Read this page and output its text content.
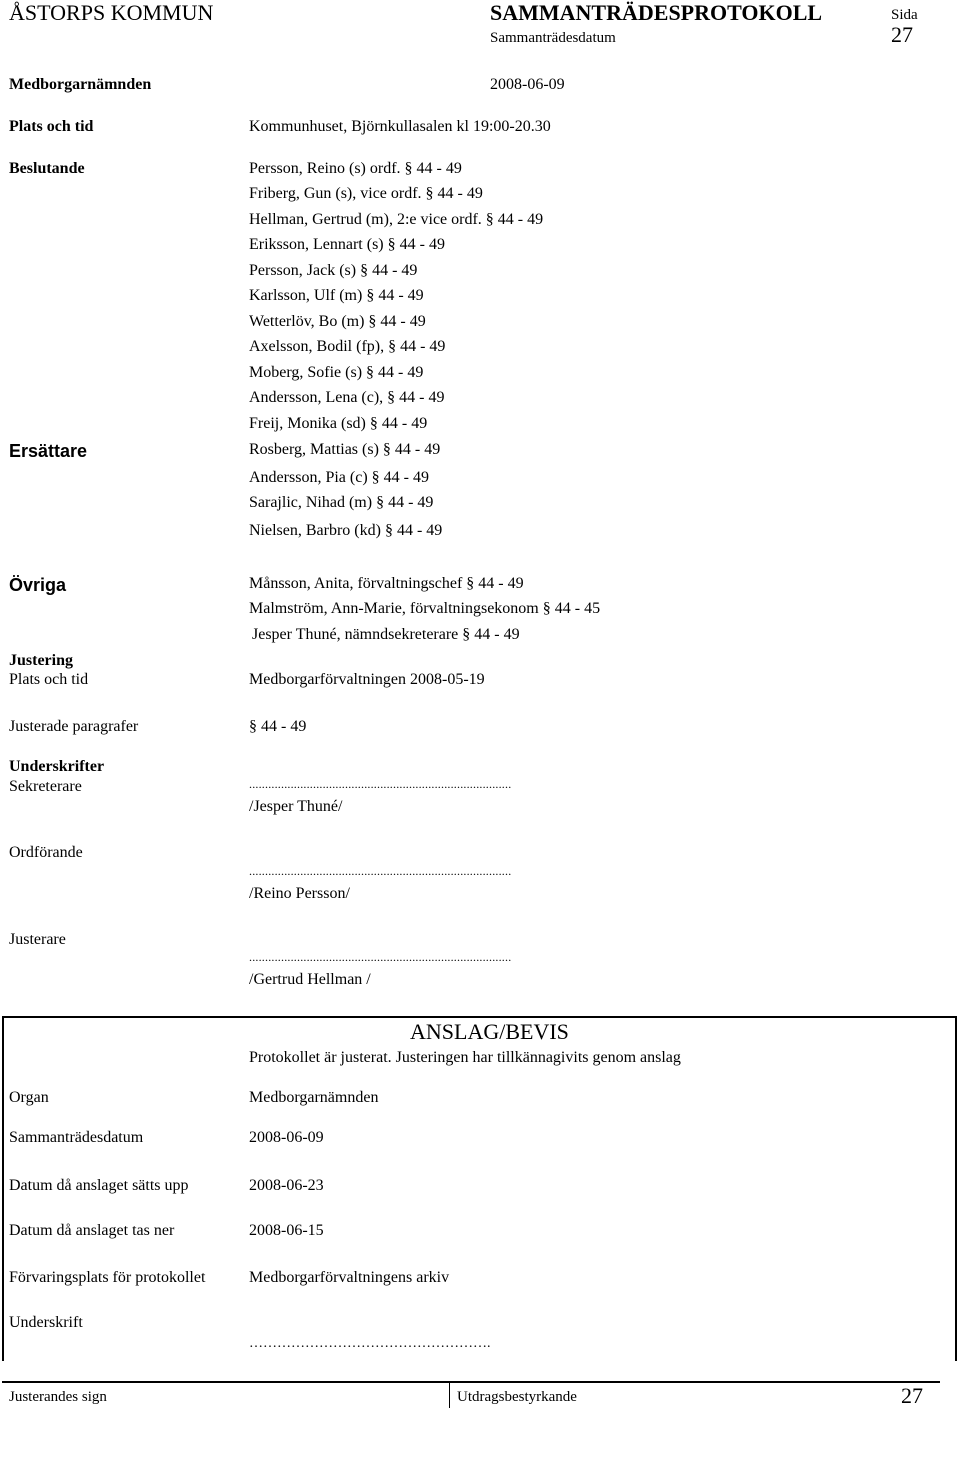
ÅSTORPS KOMMUN	SAMMANTRÄDESPROTOKOLL
Sammanträdesdatum
Sida
27
Medborgarnämnden	2008-06-09
Plats och tid	Kommunhuset, Björnkullasalen kl 19:00-20.30
Beslutande	Persson, Reino (s) ordf. § 44 - 49
Friberg, Gun (s), vice ordf. § 44 - 49
Hellman, Gertrud (m), 2:e vice ordf. § 44 - 49
Eriksson, Lennart (s) § 44 - 49
Persson, Jack (s) § 44 - 49
Karlsson, Ulf (m) § 44 - 49
Wetterlöv, Bo (m) § 44 - 49
Axelsson, Bodil (fp), § 44 - 49
Moberg, Sofie (s) § 44 - 49
Andersson, Lena (c), § 44 - 49
Freij, Monika (sd) § 44 - 49
Ersättare	Rosberg, Mattias (s) § 44 - 49
Andersson, Pia (c) § 44 - 49
Sarajlic, Nihad (m) § 44 - 49
Nielsen, Barbro (kd) § 44 - 49
Övriga	Månsson, Anita, förvaltningschef § 44 - 49
Malmström, Ann-Marie, förvaltningsekonom § 44 - 45
Jesper Thuné, nämndsekreterare § 44 - 49
Justering
Plats och tid	Medborgarförvaltningen 2008-05-19
Justerade paragrafer	§ 44 - 49
Underskrifter
Sekreterare	..................................................................................
/Jesper Thuné/
Ordförande
..................................................................................
/Reino Persson/
Justerare
..................................................................................
/Gertrud Hellman /
ANSLAG/BEVIS
Protokollet är justerat. Justeringen har tillkännagivits genom anslag
Organ	Medborgarnämnden
Sammanträdesdatum	2008-06-09
Datum då anslaget sätts upp	2008-06-23
Datum då anslaget tas ner	2008-06-15
Förvaringsplats för protokollet	Medborgarförvaltningens arkiv
Underskrift
…………………………………………….
Justerandes sign	Utdragsbestyrkande	27
